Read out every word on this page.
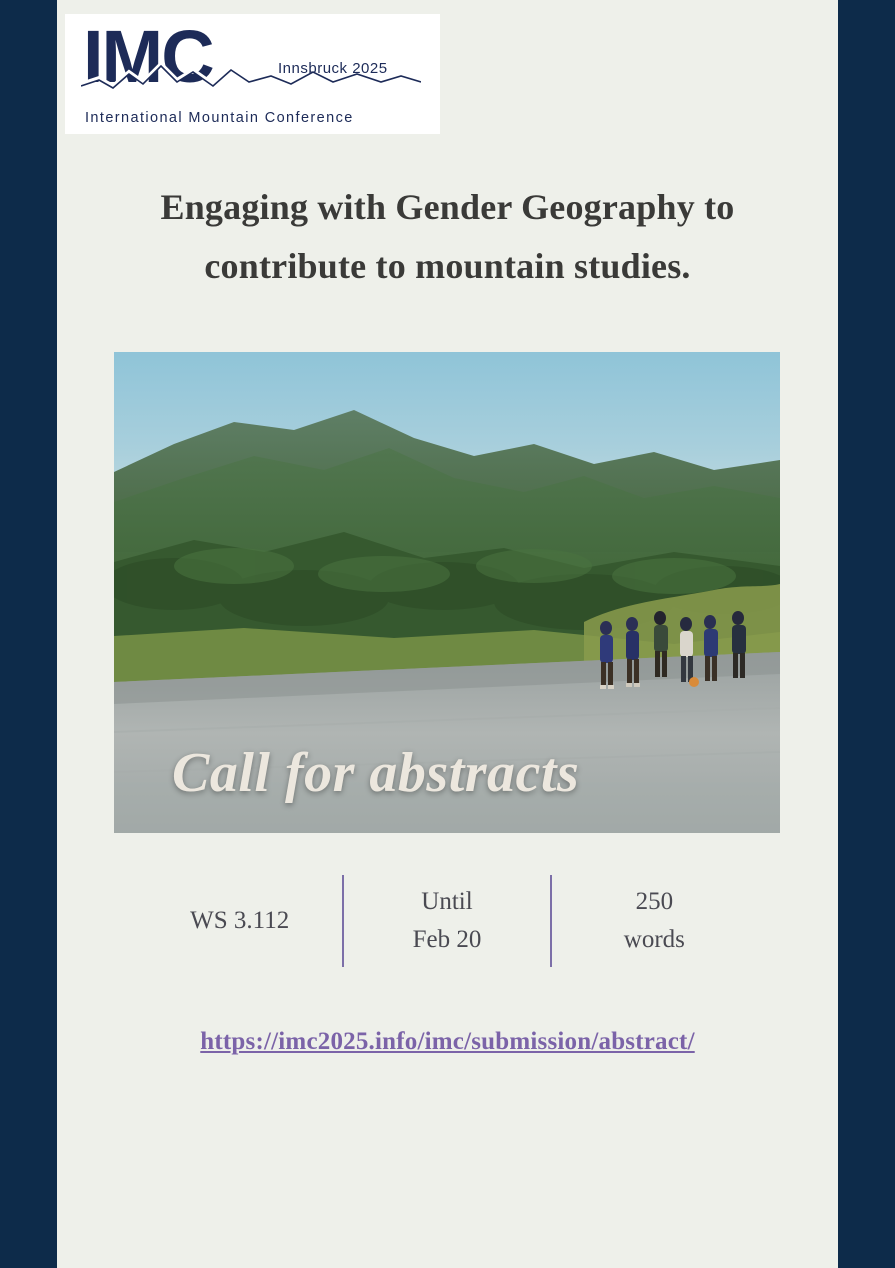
IMC	Innsbruck 2025
International Mountain Conference
Engaging with Gender Geography to contribute to mountain studies.
Call for abstracts
WS 3.112
Until
Feb 20
250
words
https://imc2025.info/imc/submission/abstract/
